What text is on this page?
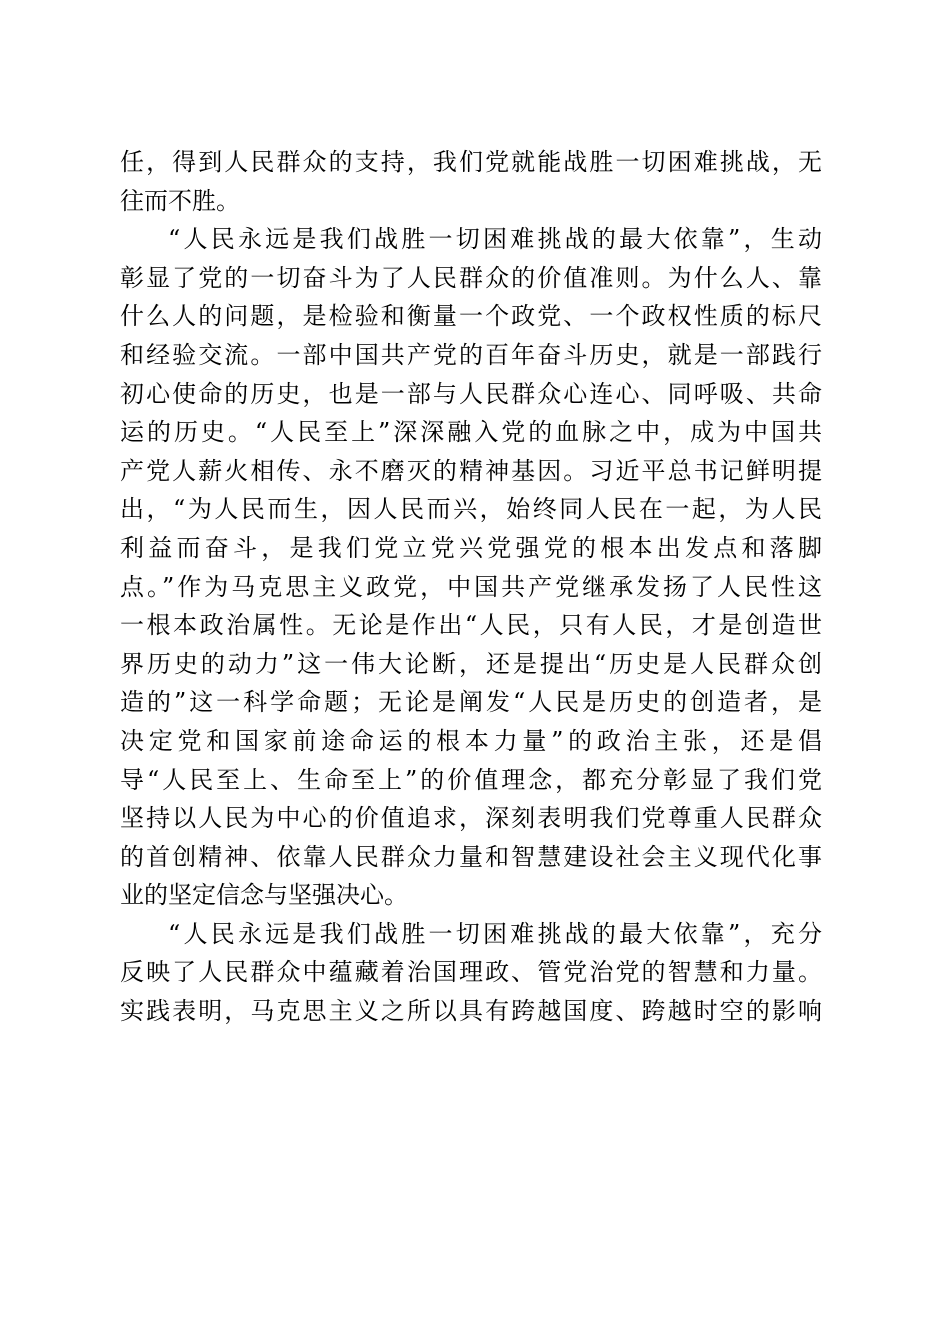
任，得到人民群众的支持，我们党就能战胜一切困难挑战，无
往而不胜。
“人民永远是我们战胜一切困难挑战的最大依靠”，生动
彰显了党的一切奋斗为了人民群众的价值准则。为什么人、靠
什么人的问题，是检验和衡量一个政党、一个政权性质的标尺
和经验交流。一部中国共产党的百年奋斗历史，就是一部践行
初心使命的历史，也是一部与人民群众心连心、同呼吸、共命
运的历史。“人民至上”深深融入党的血脉之中，成为中国共
产党人薪火相传、永不磨灭的精神基因。习近平总书记鲜明提
出，“为人民而生，因人民而兴，始终同人民在一起，为人民
利益而奋斗，是我们党立党兴党强党的根本出发点和落脚
点。”作为马克思主义政党，中国共产党继承发扬了人民性这
一根本政治属性。无论是作出“人民，只有人民，才是创造世
界历史的动力”这一伟大论断，还是提出“历史是人民群众创
造的”这一科学命题；无论是阐发“人民是历史的创造者，是
决定党和国家前途命运的根本力量”的政治主张，还是倡
导“人民至上、生命至上”的价值理念，都充分彰显了我们党
坚持以人民为中心的价值追求，深刻表明我们党尊重人民群众
的首创精神、依靠人民群众力量和智慧建设社会主义现代化事
业的坚定信念与坚强决心。
“人民永远是我们战胜一切困难挑战的最大依靠”，充分
反映了人民群众中蕴藏着治国理政、管党治党的智慧和力量。
实践表明，马克思主义之所以具有跨越国度、跨越时空的影响
